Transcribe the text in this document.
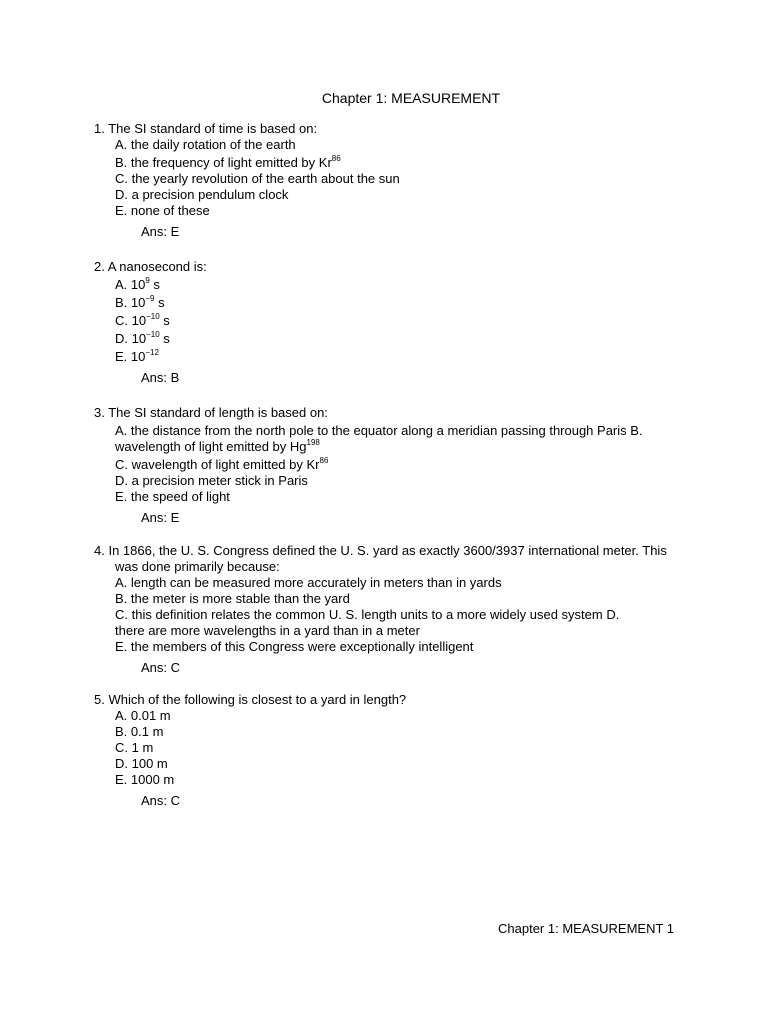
Chapter 1: MEASUREMENT
1. The SI standard of time is based on:
A. the daily rotation of the earth
B. the frequency of light emitted by Kr$^{86}$
C. the yearly revolution of the earth about the sun
D. a precision pendulum clock
E. none of these
Ans: E
2. A nanosecond is:
A. $10^9$ s
B. $10^{-9}$ s
C. $10^{-10}$ s
D. $10^{-10}$ s
E. $10^{-12}$
Ans: B
3. The SI standard of length is based on:
A. the distance from the north pole to the equator along a meridian passing through Paris B.
wavelength of light emitted by Hg$^{198}$
C. wavelength of light emitted by Kr$^{86}$
D. a precision meter stick in Paris
E. the speed of light
Ans: E
4. In 1866, the U. S. Congress defined the U. S. yard as exactly 3600/3937 international meter. This
was done primarily because:
A. length can be measured more accurately in meters than in yards
B. the meter is more stable than the yard
C. this definition relates the common U. S. length units to a more widely used system D.
there are more wavelengths in a yard than in a meter
E. the members of this Congress were exceptionally intelligent
Ans: C
5. Which of the following is closest to a yard in length?
A. 0.01 m
B. 0.1 m
C. 1 m
D. 100 m
E. 1000 m
Ans: C
Chapter 1: MEASUREMENT 1
